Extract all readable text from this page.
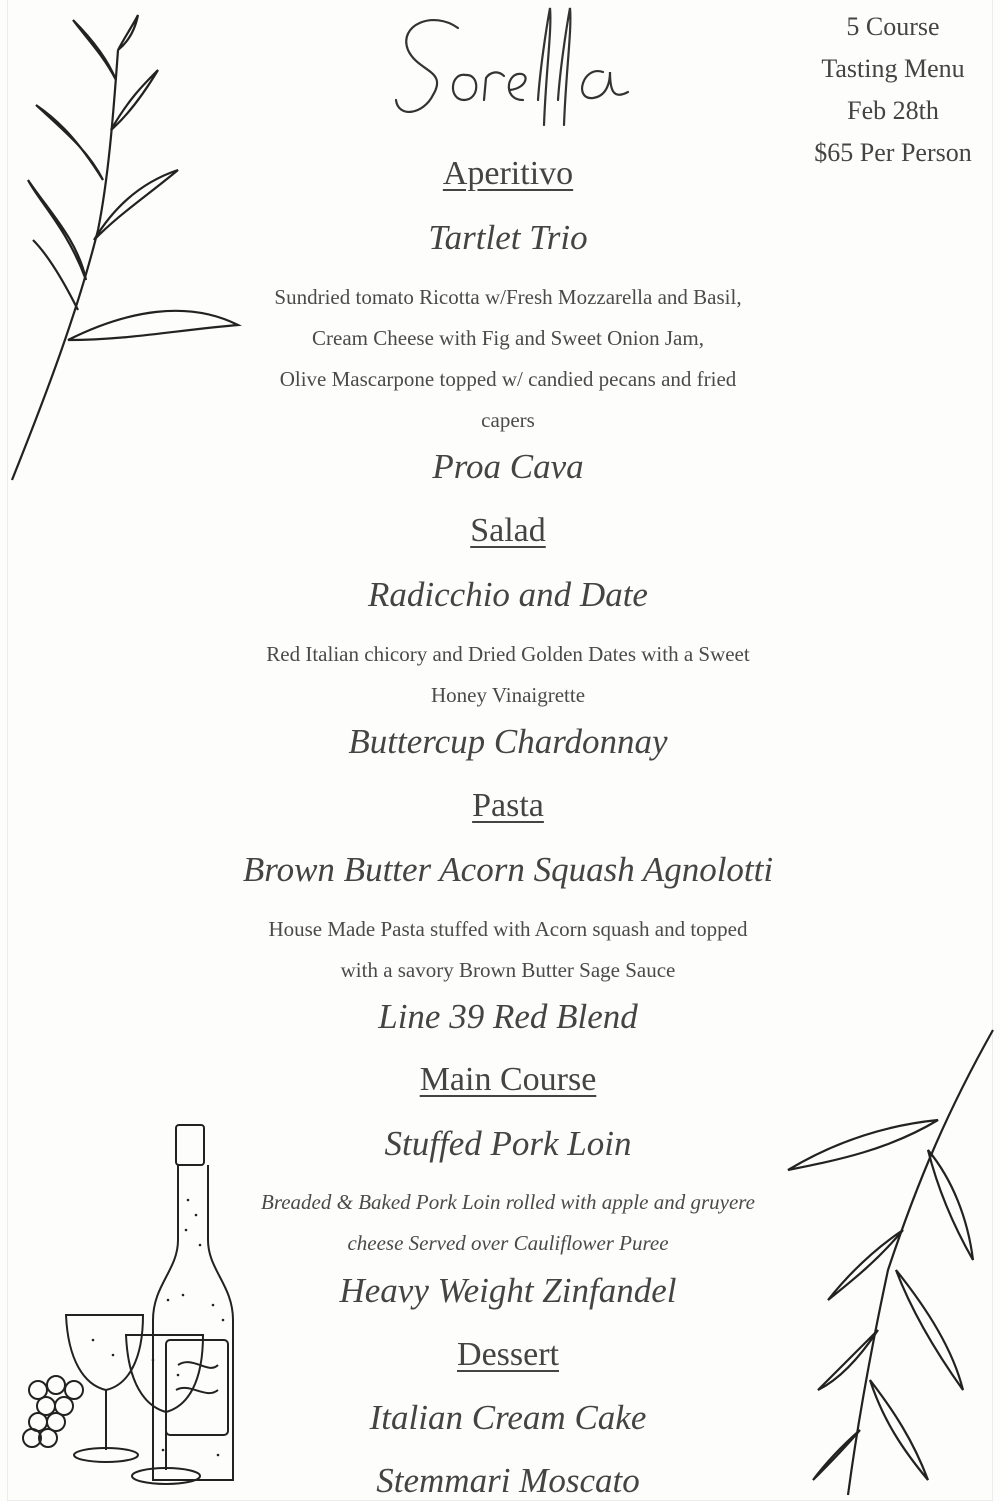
5 Course
Tasting Menu
Feb 28th
$65 Per Person
Aperitivo

Tartlet Trio

Sundried tomato Ricotta w/Fresh Mozzarella and Basil,

Cream Cheese with Fig and Sweet Onion Jam,

Olive Mascarpone topped w/ candied pecans and fried

capers

Proa Cava

Salad

Radicchio and Date

Red Italian chicory and Dried Golden Dates with a Sweet

Honey Vinaigrette

Buttercup Chardonnay

Pasta

Brown Butter Acorn Squash Agnolotti

House Made Pasta stuffed with Acorn squash and topped

with a savory Brown Butter Sage Sauce

Line 39 Red Blend

Main Course

Stuffed Pork Loin

Breaded & Baked Pork Loin rolled with apple and gruyere

cheese Served over Cauliflower Puree

Heavy Weight Zinfandel

Dessert

Italian Cream Cake

Stemmari Moscato
